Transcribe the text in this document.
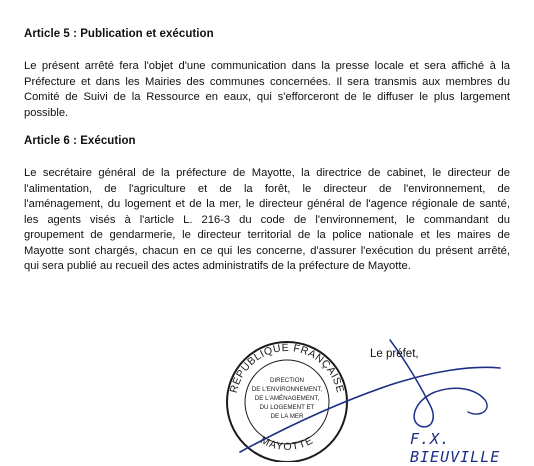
Article 5 : Publication et exécution
Le présent arrêté fera l'objet d'une communication dans la presse locale et sera affiché à la
Préfecture et dans les Mairies des communes concernées. Il sera transmis aux membres du
Comité de Suivi de la Ressource en eaux, qui s'efforceront de le diffuser le plus largement
possible.
Article 6 : Exécution
Le secrétaire général de la préfecture de Mayotte, la directrice de cabinet, le directeur de
l'alimentation, de l'agriculture et de la forêt, le directeur de l'environnement, de
l'aménagement, du logement et de la mer, le directeur général de l'agence régionale de santé,
les agents visés à l'article L. 216-3 du code de l'environnement, le commandant du
groupement de gendarmerie, le directeur territorial de la police nationale et les maires de
Mayotte sont chargés, chacun en ce qui les concerne, d'assurer l'exécution du présent arrêté,
qui sera publié au recueil des actes administratifs de la préfecture de Mayotte.
RÉPUBLIQUE FRANÇAISE
MAYOTTE
DIRECTION
DE L'ENVIRONNEMENT,
DE L'AMÉNAGEMENT,
DU LOGEMENT ET
DE LA MER
Le préfet,
F.X. BIEUVILLE
